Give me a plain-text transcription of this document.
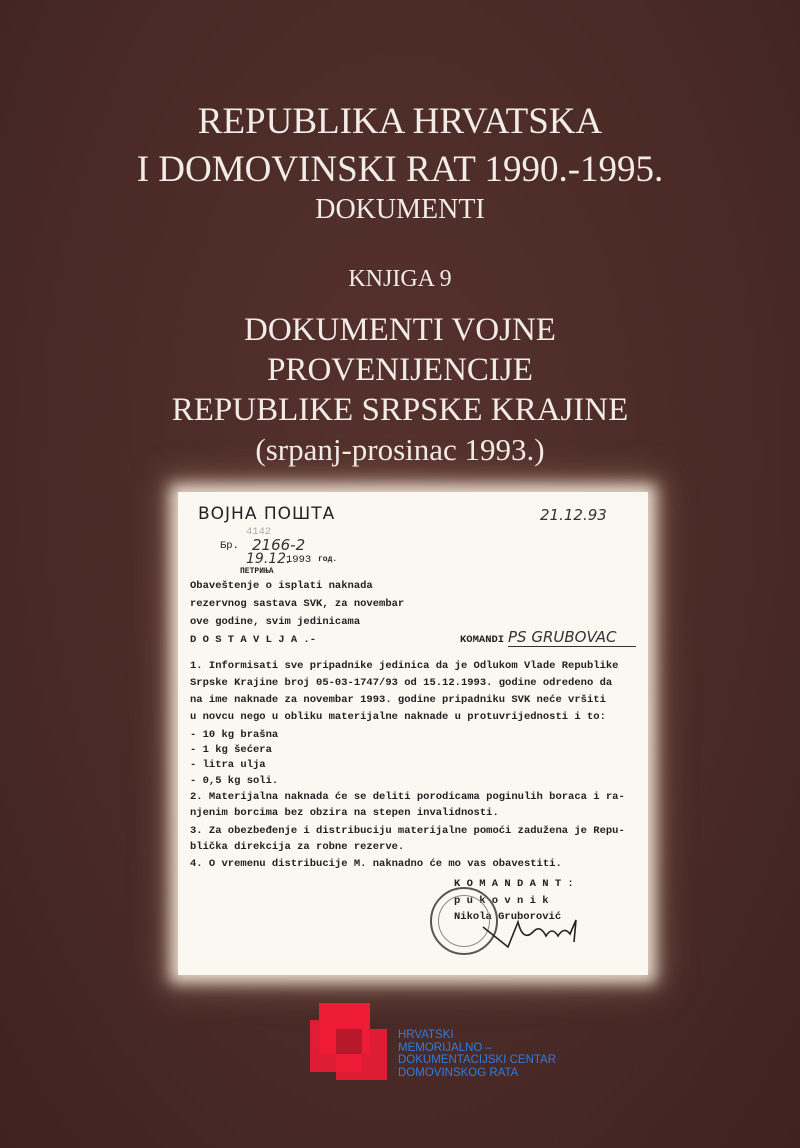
REPUBLIKA HRVATSKA
I DOMOVINSKI RAT 1990.-1995.
DOKUMENTI
KNJIGA 9
DOKUMENTI VOJNE
PROVENIJENCIJE
REPUBLIKE SRPSKE KRAJINE
(srpanj-prosinac 1993.)
ВОЈНА ПОШТА
4142
Бр. 2166-2
19.12.
1993 год.
ПЕТРИЊА
21.12.93
Obaveštenje o isplati naknada
rezervnog sastava SVK, za novembar
ove godine, svim jedinicama
D O S T A V L J A .-	KOMANDI PS GRUBOVAC
1. Informisati sve pripadnike jedinica da je Odlukom Vlade Republike
Srpske Krajine broj 05-03-1747/93 od 15.12.1993. godine odredeno da
na ime naknade za novembar 1993. godine pripadniku SVK neće vršiti
u novcu nego u obliku materijalne naknade u protuvrijednosti i to:
- 10 kg brašna
- 1 kg šećera
- litra ulja
- 0,5 kg soli.
2. Materijalna naknada će se deliti porodicama poginulih boraca i ra-
njenim borcima bez obzira na stepen invalidnosti.
3. Za obezbeđenje i distribuciju materijalne pomoći zadužena je Repu-
blička direkcija za robne rezerve.
4. O vremenu distribucije M. naknadno će mo vas obavestiti.
K O M A N D A N T :
p u k o v n i k
Nikola Gruborović
HRVATSKI
MEMORIJALNO –
DOKUMENTACIJSKI CENTAR
DOMOVINSKOG RATA
